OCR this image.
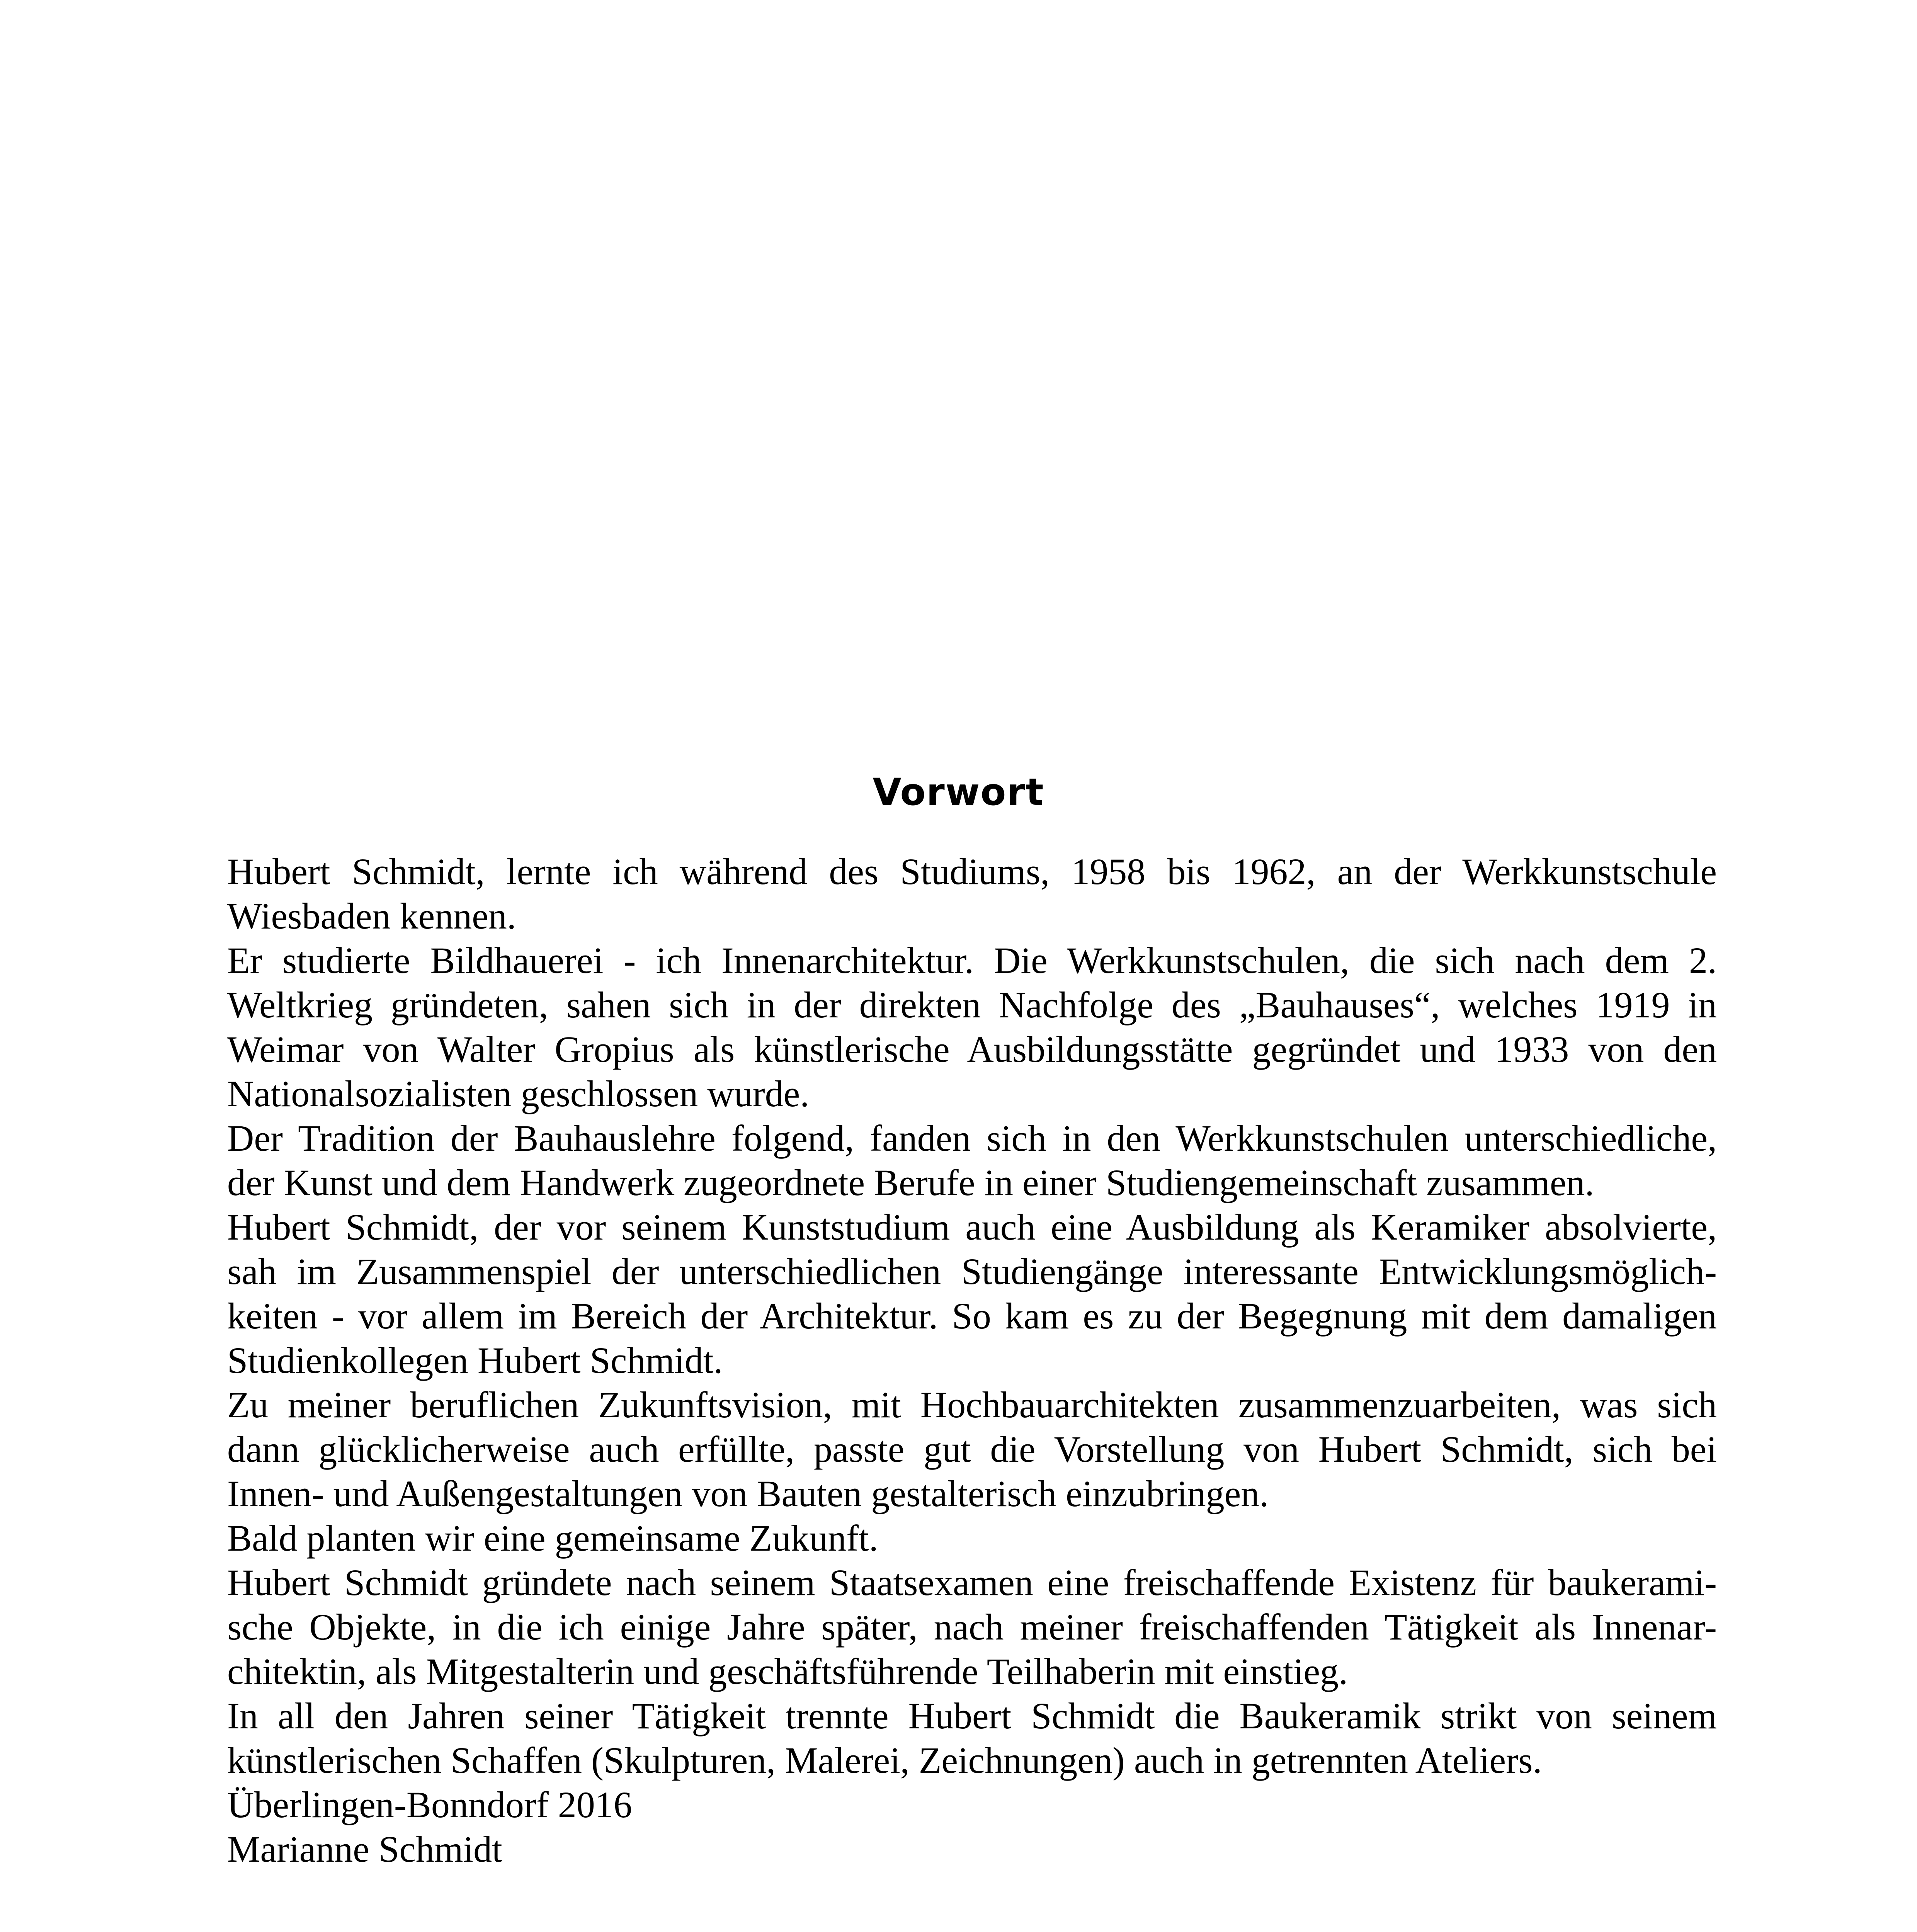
Vorwort
Hubert Schmidt, lernte ich während des Studiums, 1958 bis 1962, an der Werkkunstschule
Wiesbaden kennen.
Er studierte Bildhauerei - ich Innenarchitektur. Die Werkkunstschulen, die sich nach dem 2.
Weltkrieg gründeten, sahen sich in der direkten Nachfolge des „Bauhauses“, welches 1919 in
Weimar von Walter Gropius als künstlerische Ausbildungsstätte gegründet und 1933 von den
Nationalsozialisten geschlossen wurde.
Der Tradition der Bauhauslehre folgend, fanden sich in den Werkkunstschulen unterschiedliche,
der Kunst und dem Handwerk zugeordnete Berufe in einer Studiengemeinschaft zusammen.
Hubert Schmidt, der vor seinem Kunststudium auch eine Ausbildung als Keramiker absolvierte,
sah im Zusammenspiel der unterschiedlichen Studiengänge interessante Entwicklungsmöglich-
keiten - vor allem im Bereich der Architektur. So kam es zu der Begegnung mit dem damaligen
Studienkollegen Hubert Schmidt.
Zu meiner beruflichen Zukunftsvision, mit Hochbauarchitekten zusammenzuarbeiten, was sich
dann glücklicherweise auch erfüllte, passte gut die Vorstellung von Hubert Schmidt, sich bei
Innen- und Außengestaltungen von Bauten gestalterisch einzubringen.
Bald planten wir eine gemeinsame Zukunft.
Hubert Schmidt gründete nach seinem Staatsexamen eine freischaffende Existenz für baukerami-
sche Objekte, in die ich einige Jahre später, nach meiner freischaffenden Tätigkeit als Innenar-
chitektin, als Mitgestalterin und geschäftsführende Teilhaberin mit einstieg.
In all den Jahren seiner Tätigkeit trennte Hubert Schmidt die Baukeramik strikt von seinem
künstlerischen Schaffen (Skulpturen, Malerei, Zeichnungen) auch in getrennten Ateliers.
Überlingen-Bonndorf 2016
Marianne Schmidt
